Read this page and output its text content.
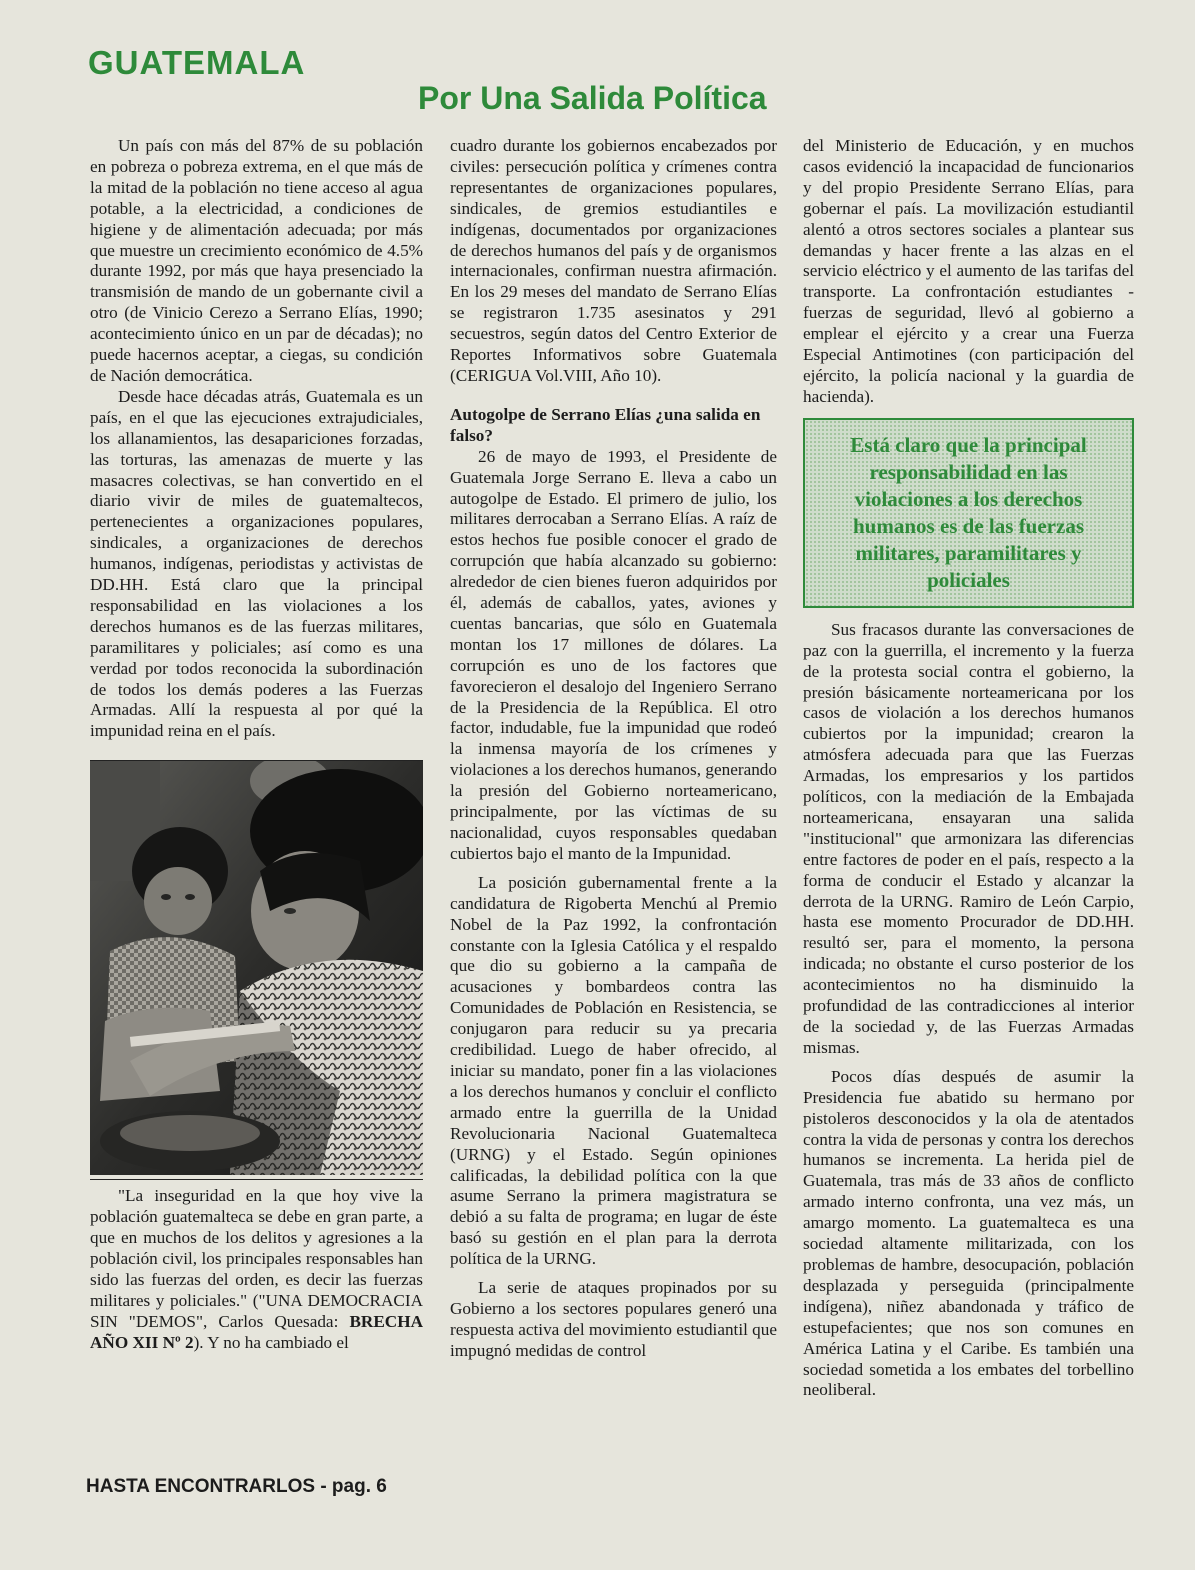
GUATEMALA
Por Una Salida Política

Un país con más del 87% de su población en pobreza o pobreza extrema, en el que más de la mitad de la población no tiene acceso al agua potable, a la electricidad, a condiciones de higiene y de alimentación adecuada; por más que muestre un crecimiento económico de 4.5% durante 1992, por más que haya presenciado la transmisión de mando de un gobernante civil a otro (de Vinicio Cerezo a Serrano Elías, 1990; acontecimiento único en un par de décadas); no puede hacernos aceptar, a ciegas, su condición de Nación democrática.

Desde hace décadas atrás, Guatemala es un país, en el que las ejecuciones extrajudiciales, los allanamientos, las desapariciones forzadas, las torturas, las amenazas de muerte y las masacres colectivas, se han convertido en el diario vivir de miles de guatemaltecos, pertenecientes a organizaciones populares, sindicales, a organizaciones de derechos humanos, indígenas, periodistas y activistas de DD.HH. Está claro que la principal responsabilidad en las violaciones a los derechos humanos es de las fuerzas militares, paramilitares y policiales; así como es una verdad por todos reconocida la subordinación de todos los demás poderes a las Fuerzas Armadas. Allí la respuesta al por qué la impunidad reina en el país.

"La inseguridad en la que hoy vive la población guatemalteca se debe en gran parte, a que en muchos de los delitos y agresiones a la población civil, los principales responsables han sido las fuerzas del orden, es decir las fuerzas militares y policiales." ("UNA DEMOCRACIA SIN "DEMOS", Carlos Quesada: BRECHA AÑO XII Nº 2). Y no ha cambiado el

cuadro durante los gobiernos encabezados por civiles: persecución política y crímenes contra representantes de organizaciones populares, sindicales, de gremios estudiantiles e indígenas, documentados por organizaciones de derechos humanos del país y de organismos internacionales, confirman nuestra afirmación. En los 29 meses del mandato de Serrano Elías se registraron 1.735 asesinatos y 291 secuestros, según datos del Centro Exterior de Reportes Informativos sobre Guatemala (CERIGUA Vol.VIII, Año 10).

Autogolpe de Serrano Elías ¿una salida en falso?

26 de mayo de 1993, el Presidente de Guatemala Jorge Serrano E. lleva a cabo un autogolpe de Estado. El primero de julio, los militares derrocaban a Serrano Elías. A raíz de estos hechos fue posible conocer el grado de corrupción que había alcanzado su gobierno: alrededor de cien bienes fueron adquiridos por él, además de caballos, yates, aviones y cuentas bancarias, que sólo en Guatemala montan los 17 millones de dólares. La corrupción es uno de los factores que favorecieron el desalojo del Ingeniero Serrano de la Presidencia de la República. El otro factor, indudable, fue la impunidad que rodeó la inmensa mayoría de los crímenes y violaciones a los derechos humanos, generando la presión del Gobierno norteamericano, principalmente, por las víctimas de su nacionalidad, cuyos responsables quedaban cubiertos bajo el manto de la Impunidad.

La posición gubernamental frente a la candidatura de Rigoberta Menchú al Premio Nobel de la Paz 1992, la confrontación constante con la Iglesia Católica y el respaldo que dio su gobierno a la campaña de acusaciones y bombardeos contra las Comunidades de Población en Resistencia, se conjugaron para reducir su ya precaria credibilidad. Luego de haber ofrecido, al iniciar su mandato, poner fin a las violaciones a los derechos humanos y concluir el conflicto armado entre la guerrilla de la Unidad Revolucionaria Nacional Guatemalteca (URNG) y el Estado. Según opiniones calificadas, la debilidad política con la que asume Serrano la primera magistratura se debió a su falta de programa; en lugar de éste basó su gestión en el plan para la derrota política de la URNG.

La serie de ataques propinados por su Gobierno a los sectores populares generó una respuesta activa del movimiento estudiantil que impugnó medidas de control

del Ministerio de Educación, y en muchos casos evidenció la incapacidad de funcionarios y del propio Presidente Serrano Elías, para gobernar el país. La movilización estudiantil alentó a otros sectores sociales a plantear sus demandas y hacer frente a las alzas en el servicio eléctrico y el aumento de las tarifas del transporte. La confrontación estudiantes - fuerzas de seguridad, llevó al gobierno a emplear el ejército y a crear una Fuerza Especial Antimotines (con participación del ejército, la policía nacional y la guardia de hacienda).

Está claro que la principal responsabilidad en las violaciones a los derechos humanos es de las fuerzas militares, paramilitares y policiales

Sus fracasos durante las conversaciones de paz con la guerrilla, el incremento y la fuerza de la protesta social contra el gobierno, la presión básicamente norteamericana por los casos de violación a los derechos humanos cubiertos por la impunidad; crearon la atmósfera adecuada para que las Fuerzas Armadas, los empresarios y los partidos políticos, con la mediación de la Embajada norteamericana, ensayaran una salida "institucional" que armonizara las diferencias entre factores de poder en el país, respecto a la forma de conducir el Estado y alcanzar la derrota de la URNG. Ramiro de León Carpio, hasta ese momento Procurador de DD.HH. resultó ser, para el momento, la persona indicada; no obstante el curso posterior de los acontecimientos no ha disminuido la profundidad de las contradicciones al interior de la sociedad y, de las Fuerzas Armadas mismas.

Pocos días después de asumir la Presidencia fue abatido su hermano por pistoleros desconocidos y la ola de atentados contra la vida de personas y contra los derechos humanos se incrementa. La herida piel de Guatemala, tras más de 33 años de conflicto armado interno confronta, una vez más, un amargo momento. La guatemalteca es una sociedad altamente militarizada, con los problemas de hambre, desocupación, población desplazada y perseguida (principalmente indígena), niñez abandonada y tráfico de estupefacientes; que nos son comunes en América Latina y el Caribe. Es también una sociedad sometida a los embates del torbellino neoliberal.

HASTA ENCONTRARLOS - pag. 6
